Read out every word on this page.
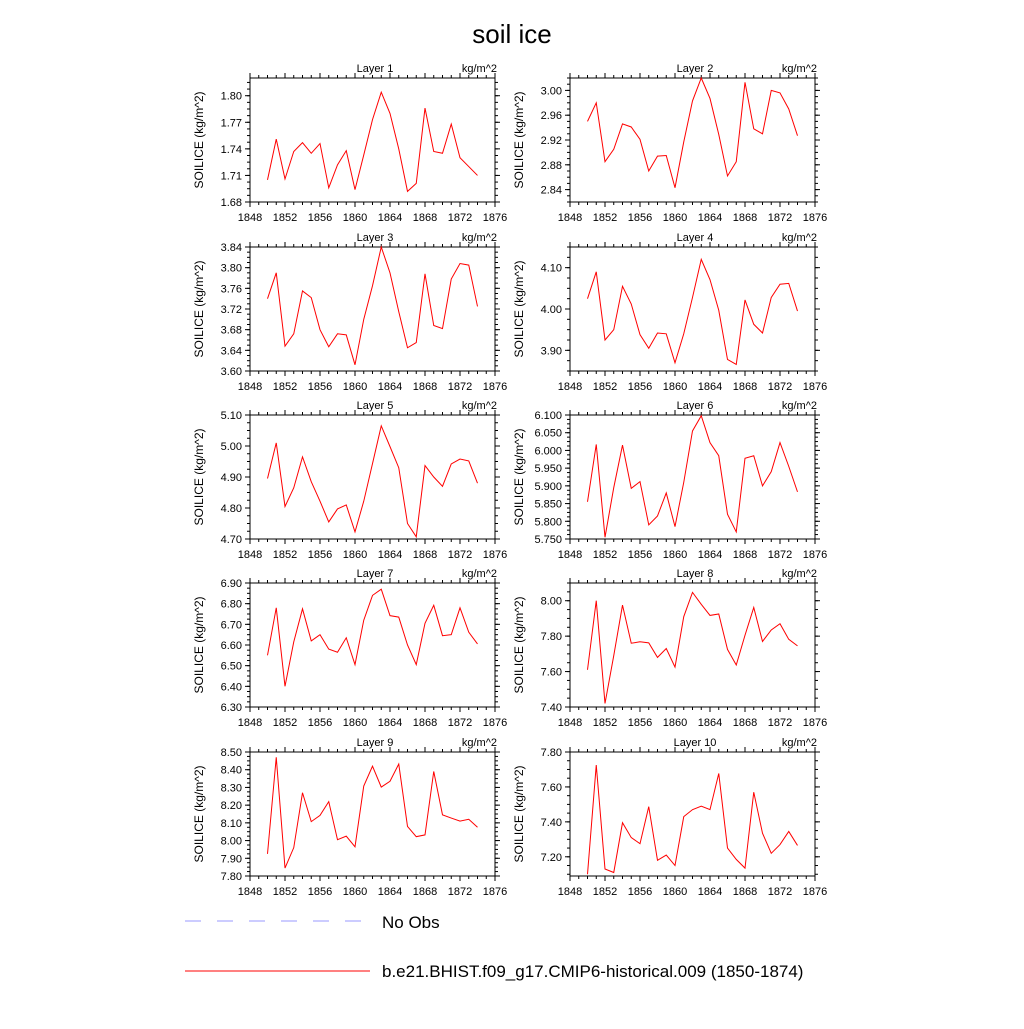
soil ice
1848 1852 1856 1860 1864 1868 1872 1876
1.68
1.71
1.74
1.77
1.80
SOILICE (kg/m^2)
Layer 1	kg/m^2
1848 1852 1856 1860 1864 1868 1872 1876
2.84
2.88
2.92
2.96
3.00
SOILICE (kg/m^2)
Layer 2	kg/m^2
1848 1852 1856 1860 1864 1868 1872 1876
3.60
3.64
3.68
3.72
3.76
3.80
3.84
SOILICE (kg/m^2)
Layer 3	kg/m^2
1848 1852 1856 1860 1864 1868 1872 1876
3.90
4.00
4.10
SOILICE (kg/m^2)
Layer 4	kg/m^2
1848 1852 1856 1860 1864 1868 1872 1876
4.70
4.80
4.90
5.00
5.10
SOILICE (kg/m^2)
Layer 5	kg/m^2
1848 1852 1856 1860 1864 1868 1872 1876
5.750
5.800
5.850
5.900
5.950
6.000
6.050
6.100
SOILICE (kg/m^2)
Layer 6	kg/m^2
1848 1852 1856 1860 1864 1868 1872 1876
6.30
6.40
6.50
6.60
6.70
6.80
6.90
SOILICE (kg/m^2)
Layer 7	kg/m^2
1848 1852 1856 1860 1864 1868 1872 1876
7.40
7.60
7.80
8.00
SOILICE (kg/m^2)
Layer 8	kg/m^2
1848 1852 1856 1860 1864 1868 1872 1876
7.80
7.90
8.00
8.10
8.20
8.30
8.40
8.50
SOILICE (kg/m^2)
Layer 9	kg/m^2
1848 1852 1856 1860 1864 1868 1872 1876
7.20
7.40
7.60
7.80
SOILICE (kg/m^2)
Layer 10	kg/m^2
No Obs
b.e21.BHIST.f09_g17.CMIP6-historical.009 (1850-1874)
